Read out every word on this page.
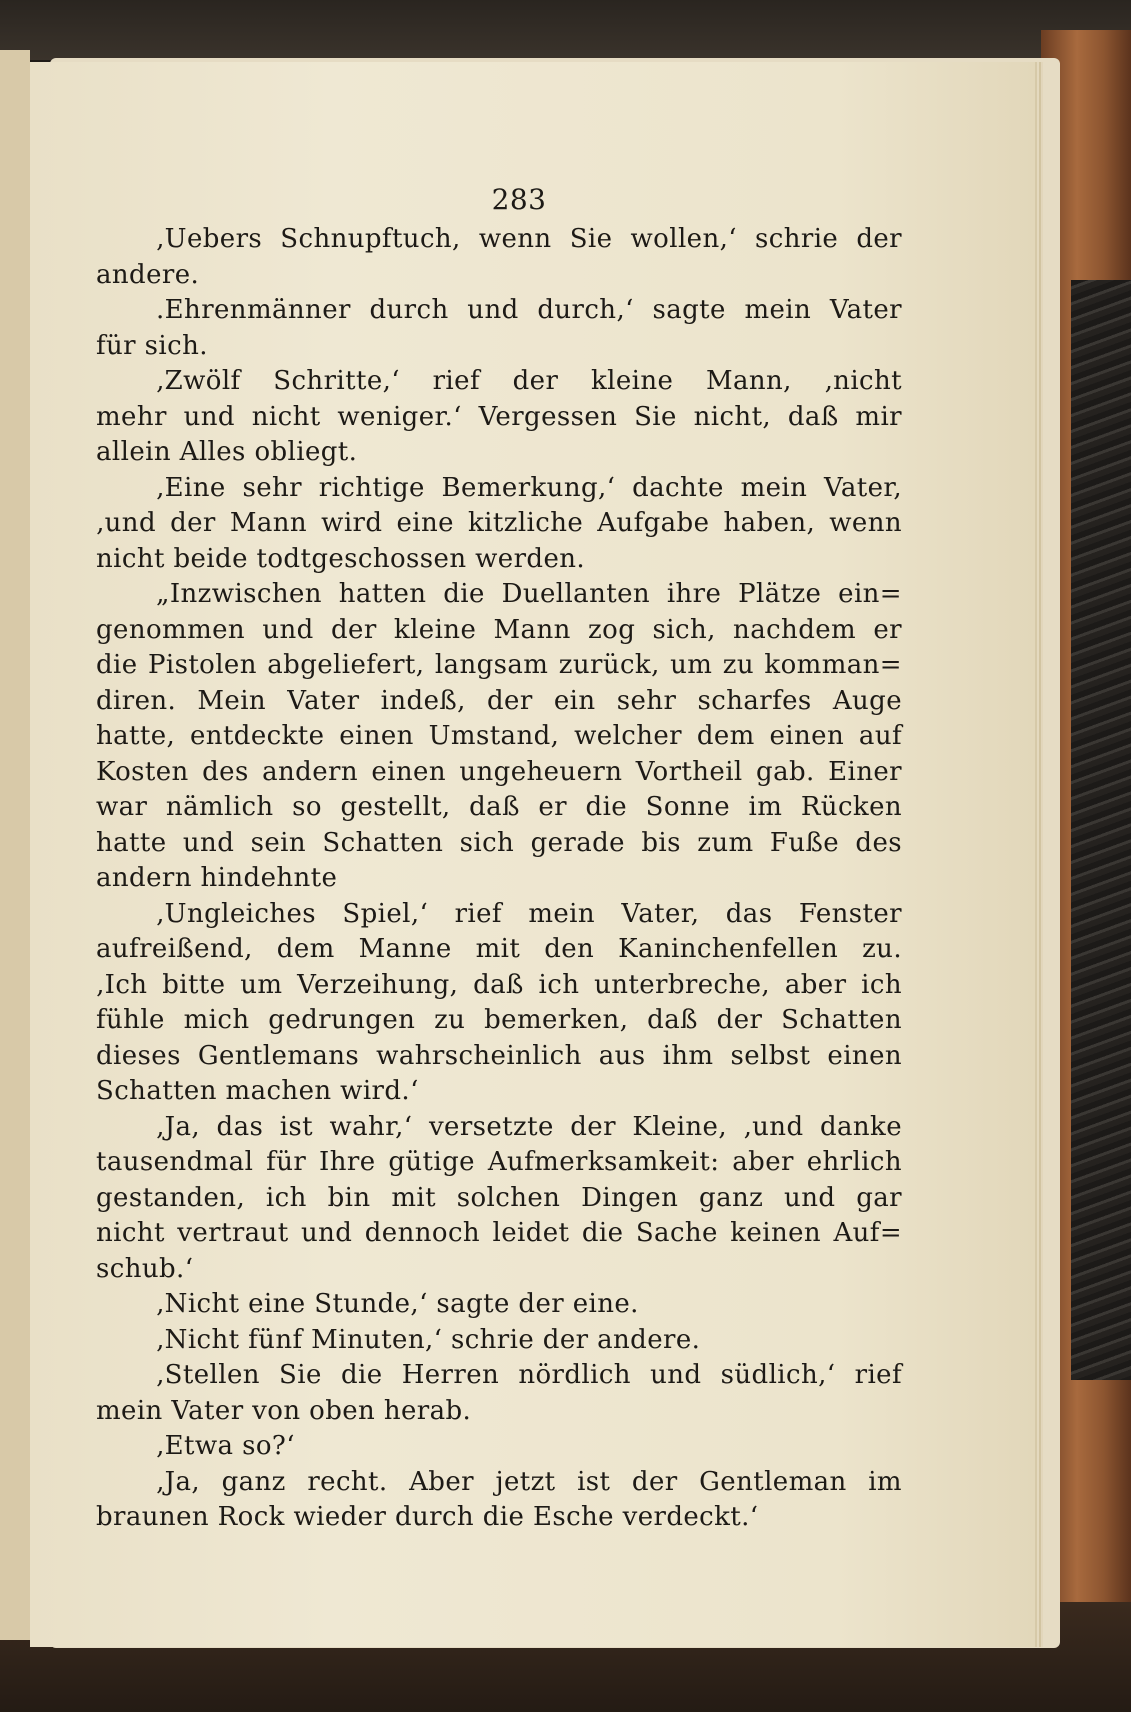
283
‚Uebers Schnupftuch, wenn Sie wollen,‘ schrie der
andere.
.Ehrenmänner durch und durch,‘ sagte mein Vater
für sich.
‚Zwölf Schritte,‘ rief der kleine Mann, ‚nicht
mehr und nicht weniger.‘ Vergessen Sie nicht, daß mir
allein Alles obliegt.
‚Eine sehr richtige Bemerkung,‘ dachte mein Vater,
‚und der Mann wird eine kitzliche Aufgabe haben, wenn
nicht beide todtgeschossen werden.
„Inzwischen hatten die Duellanten ihre Plätze ein=
genommen und der kleine Mann zog sich, nachdem er
die Pistolen abgeliefert, langsam zurück, um zu komman=
diren. Mein Vater indeß, der ein sehr scharfes Auge
hatte, entdeckte einen Umstand, welcher dem einen auf
Kosten des andern einen ungeheuern Vortheil gab. Einer
war nämlich so gestellt, daß er die Sonne im Rücken
hatte und sein Schatten sich gerade bis zum Fuße des
andern hindehnte
‚Ungleiches Spiel,‘ rief mein Vater, das Fenster
aufreißend, dem Manne mit den Kaninchenfellen zu.
‚Ich bitte um Verzeihung, daß ich unterbreche, aber ich
fühle mich gedrungen zu bemerken, daß der Schatten
dieses Gentlemans wahrscheinlich aus ihm selbst einen
Schatten machen wird.‘
‚Ja, das ist wahr,‘ versetzte der Kleine, ‚und danke
tausendmal für Ihre gütige Aufmerksamkeit: aber ehrlich
gestanden, ich bin mit solchen Dingen ganz und gar
nicht vertraut und dennoch leidet die Sache keinen Auf=
schub.‘
‚Nicht eine Stunde,‘ sagte der eine.
‚Nicht fünf Minuten,‘ schrie der andere.
‚Stellen Sie die Herren nördlich und südlich,‘ rief
mein Vater von oben herab.
‚Etwa so?‘
‚Ja, ganz recht. Aber jetzt ist der Gentleman im
braunen Rock wieder durch die Esche verdeckt.‘
